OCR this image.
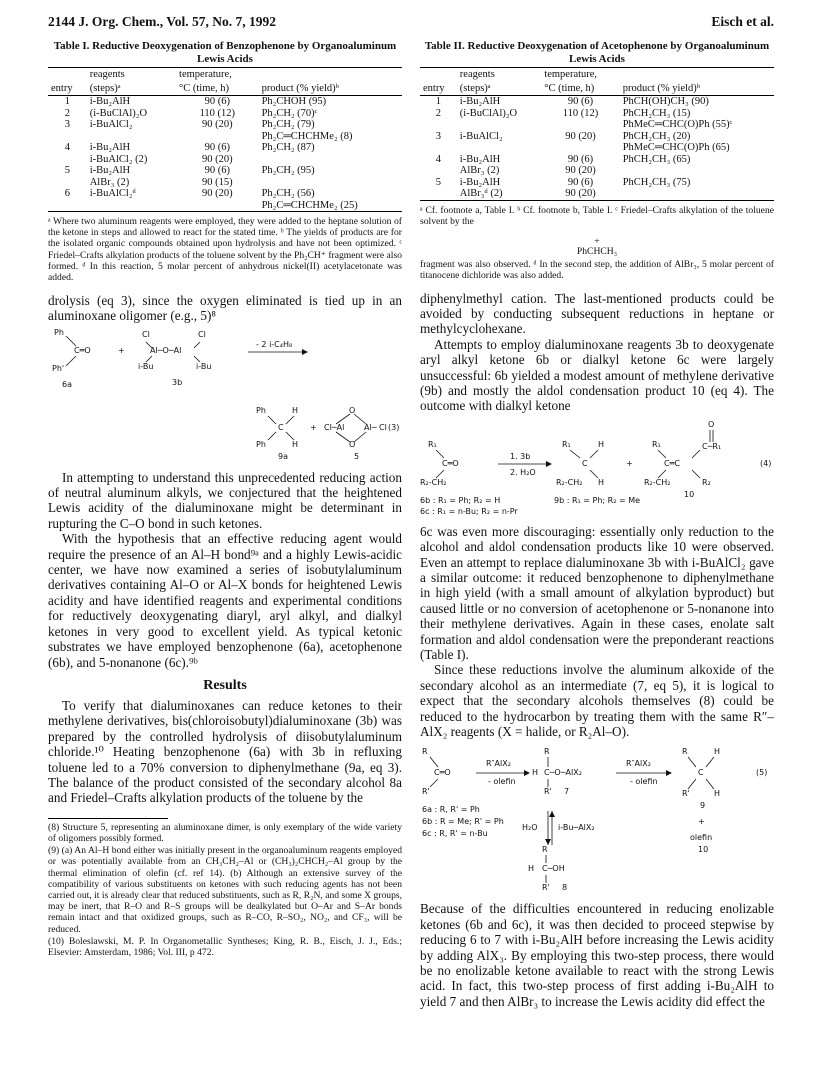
2144 J. Org. Chem., Vol. 57, No. 7, 1992	Eisch et al.
Table I. Reductive Deoxygenation of Benzophenone by Organoaluminum Lewis Acids
	reagents	temperature,	
entry	(steps)ᵃ	°C (time, h)	product (% yield)ᵇ
1	i-Bu₂AlH	90 (6)	Ph₂CHOH (95)
2	(i-BuClAl)₂O	110 (12)	Ph₂CH₂ (70)ᶜ
3	i-BuAlCl₂	90 (20)	Ph₂CH₂ (79)
			Ph₂C═CHCHMe₂ (8)
4	i-Bu₂AlH	90 (6)	Ph₂CH₂ (87)
	i-BuAlCl₂ (2)	90 (20)	
5	i-Bu₂AlH	90 (6)	Ph₂CH₂ (95)
	AlBr₃ (2)	90 (15)	
6	i-BuAlCl₂ᵈ	90 (20)	Ph₂CH₂ (56)
			Ph₂C═CHCHMe₂ (25)

ᵃ Where two aluminum reagents were employed, they were added to the heptane solution of the ketone in steps and allowed to react for the stated time. ᵇ The yields of products are for the isolated organic compounds obtained upon hydrolysis and have not been optimized. ᶜ Friedel–Crafts alkylation products of the toluene solvent by the Ph₂CH⁺ fragment were also formed. ᵈ In this reaction, 5 molar percent of anhydrous nickel(II) acetylacetonate was added.

drolysis (eq 3), since the oxygen eliminated is tied up in an aluminoxane oligomer (e.g., 5)⁸

Ph
C═O
Ph'
6a
+
Cl	Cl
Al─O─Al
i-Bu	i-Bu
3b
- 2 i-C₄H₈
Ph	H
C
Ph	H
9a
+ Cl─Al
O
O
Al─ Cl (3)
5

In attempting to understand this unprecedented reducing action of neutral aluminum alkyls, we conjectured that the heightened Lewis acidity of the dialuminoxane might be determinant in rupturing the C–O bond in such ketones.

With the hypothesis that an effective reducing agent would require the presence of an Al–H bond⁹ᵃ and a highly Lewis-acidic center, we have now examined a series of isobutylaluminum derivatives containing Al–O or Al–X bonds for heightened Lewis acidity and have identified reagents and experimental conditions for reductively deoxygenating diaryl, aryl alkyl, and dialkyl ketones in very good to excellent yield. As typical ketonic substrates we have employed benzophenone (6a), acetophenone (6b), and 5-nonanone (6c).⁹ᵇ

Results

To verify that dialuminoxanes can reduce ketones to their methylene derivatives, bis(chloroisobutyl)dialuminoxane (3b) was prepared by the controlled hydrolysis of diisobutylaluminum chloride.¹⁰ Heating benzophenone (6a) with 3b in refluxing toluene led to a 70% conversion to diphenylmethane (9a, eq 3). The balance of the product consisted of the secondary alcohol 8a and Friedel–Crafts alkylation products of the toluene by the

(8) Structure 5, representing an aluminoxane dimer, is only exemplary of the wide variety of oligomers possibly formed.

(9) (a) An Al–H bond either was initially present in the organoaluminum reagents employed or was potentially available from an CH₃CH₂–Al or (CH₃)₂CHCH₂–Al group by the thermal elimination of olefin (cf. ref 14). (b) Although an extensive survey of the compatibility of various substituents on ketones with such reducing agents has not been carried out, it is already clear that reduced substituents, such as R, R₂N, and some X groups, may be inert, that R–O and R–S groups will be dealkylated but O–Ar and S–Ar bonds remain intact and that oxidized groups, such as R–CO, R–SO₂, NO₂, and CF₃, will be reduced.

(10) Boleslawski, M. P. In Organometallic Syntheses; King, R. B., Eisch, J. J., Eds.; Elsevier: Amsterdam, 1986; Vol. III, p 472.

Table II. Reductive Deoxygenation of Acetophenone by Organoaluminum Lewis Acids
	reagents	temperature,	
entry	(steps)ᵃ	°C (time, h)	product (% yield)ᵇ
1	i-Bu₂AlH	90 (6)	PhCH(OH)CH₃ (90)
2	(i-BuClAl)₂O	110 (12)	PhCH₂CH₃ (15)
			PhMeC═CHC(O)Ph (55)ᶜ
3	i-BuAlCl₂	90 (20)	PhCH₂CH₃ (20)
			PhMeC═CHC(O)Ph (65)
4	i-Bu₂AlH	90 (6)	PhCH₂CH₃ (65)
	AlBr₃ (2)	90 (20)	
5	i-Bu₂AlH	90 (6)	PhCH₂CH₃ (75)
	AlBr₃ᵈ (2)	90 (20)	

ᵃ Cf. footnote a, Table I. ᵇ Cf. footnote b, Table I. ᶜ Friedel–Crafts alkylation of the toluene solvent by the

+
PhCHCH₃

fragment was also observed. ᵈ In the second step, the addition of AlBr₃, 5 molar percent of titanocene dichloride was also added.

diphenylmethyl cation. The last-mentioned products could be avoided by conducting subsequent reductions in heptane or methylcyclohexane.

Attempts to employ dialuminoxane reagents 3b to deoxygenate aryl alkyl ketone 6b or dialkyl ketone 6c were largely unsuccessful: 6b yielded a modest amount of methylene derivative (9b) and mostly the aldol condensation product 10 (eq 4). The outcome with dialkyl ketone

R₁
C═O
R₂-CH₂
1. 3b
2. H₂O
R₁	H
C
R₂-CH₂ H
+
O
R₁	C─R₁
C═C
R₂-CH₂	R₂
(4)
10
6b : R₁ = Ph; R₂ = H
6c : R₁ = n-Bu; R₂ = n-Pr
9b : R₁ = Ph; R₂ = Me

6c was even more discouraging: essentially only reduction to the alcohol and aldol condensation products like 10 were observed. Even an attempt to replace dialuminoxane 3b with i-BuAlCl₂ gave a similar outcome: it reduced benzophenone to diphenylmethane in high yield (with a small amount of alkylation byproduct) but caused little or no conversion of acetophenone or 5-nonanone into their methylene derivatives. Again in these cases, enolate salt formation and aldol condensation were the preponderant reactions (Table I).

Since these reductions involve the aluminum alkoxide of the secondary alcohol as an intermediate (7, eq 5), it is logical to expect that the secondary alcohols themselves (8) could be reduced to the hydrocarbon by treating them with the same R″–AlX₂ reagents (X = halide, or R₂Al–O).

R
C═O
R'
R″AlX₂
- olefin
R
H C─O─AlX₂
R' 7
R″AlX₂
- olefin
R	H
C
R'	H
9
+
olefin
10
(5)
6a : R, R' = Ph
6b : R = Me; R' = Ph
6c : R, R' = n-Bu
H₂O	i-Bu─AlX₂
R
H C─OH
R' 8

Because of the difficulties encountered in reducing enolizable ketones (6b and 6c), it was then decided to proceed stepwise by reducing 6 to 7 with i-Bu₂AlH before increasing the Lewis acidity by adding AlX₃. By employing this two-step process, there would be no enolizable ketone available to react with the strong Lewis acid. In fact, this two-step process of first adding i-Bu₂AlH to yield 7 and then AlBr₃ to increase the Lewis acidity did effect the
